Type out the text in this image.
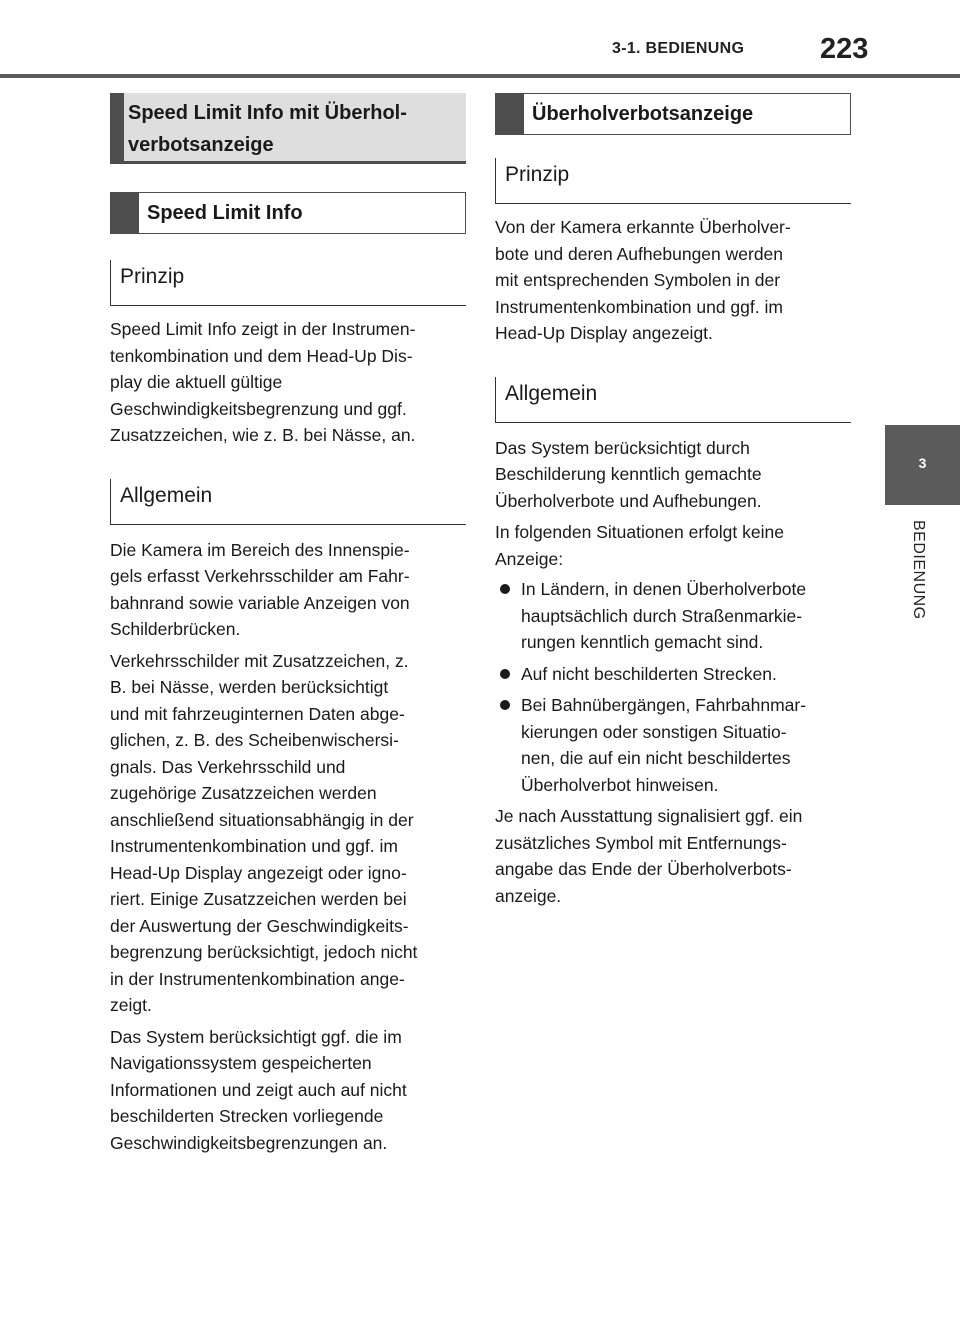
3-1. BEDIENUNG	223
3
BEDIENUNG
Speed Limit Info mit Überhol-
verbotsanzeige
Speed Limit Info
Prinzip

Speed Limit Info zeigt in der Instrumen-
tenkombination und dem Head-Up Dis-
play die aktuell gültige
Geschwindigkeitsbegrenzung und ggf.
Zusatzzeichen, wie z. B. bei Nässe, an.

Allgemein

Die Kamera im Bereich des Innenspie-
gels erfasst Verkehrsschilder am Fahr-
bahnrand sowie variable Anzeigen von
Schilderbrücken.

Verkehrsschilder mit Zusatzzeichen, z.
B. bei Nässe, werden berücksichtigt
und mit fahrzeuginternen Daten abge-
glichen, z. B. des Scheibenwischersi-
gnals. Das Verkehrsschild und
zugehörige Zusatzzeichen werden
anschließend situationsabhängig in der
Instrumentenkombination und ggf. im
Head-Up Display angezeigt oder igno-
riert. Einige Zusatzzeichen werden bei
der Auswertung der Geschwindigkeits-
begrenzung berücksichtigt, jedoch nicht
in der Instrumentenkombination ange-
zeigt.

Das System berücksichtigt ggf. die im
Navigationssystem gespeicherten
Informationen und zeigt auch auf nicht
beschilderten Strecken vorliegende
Geschwindigkeitsbegrenzungen an.

Überholverbotsanzeige
Prinzip

Von der Kamera erkannte Überholver-
bote und deren Aufhebungen werden
mit entsprechenden Symbolen in der
Instrumentenkombination und ggf. im
Head-Up Display angezeigt.

Allgemein

Das System berücksichtigt durch
Beschilderung kenntlich gemachte
Überholverbote und Aufhebungen.

In folgenden Situationen erfolgt keine
Anzeige:

In Ländern, in denen Überholverbote
hauptsächlich durch Straßenmarkie-
rungen kenntlich gemacht sind.
Auf nicht beschilderten Strecken.
Bei Bahnübergängen, Fahrbahnmar-
kierungen oder sonstigen Situatio-
nen, die auf ein nicht beschildertes
Überholverbot hinweisen.

Je nach Ausstattung signalisiert ggf. ein
zusätzliches Symbol mit Entfernungs-
angabe das Ende der Überholverbots-
anzeige.
